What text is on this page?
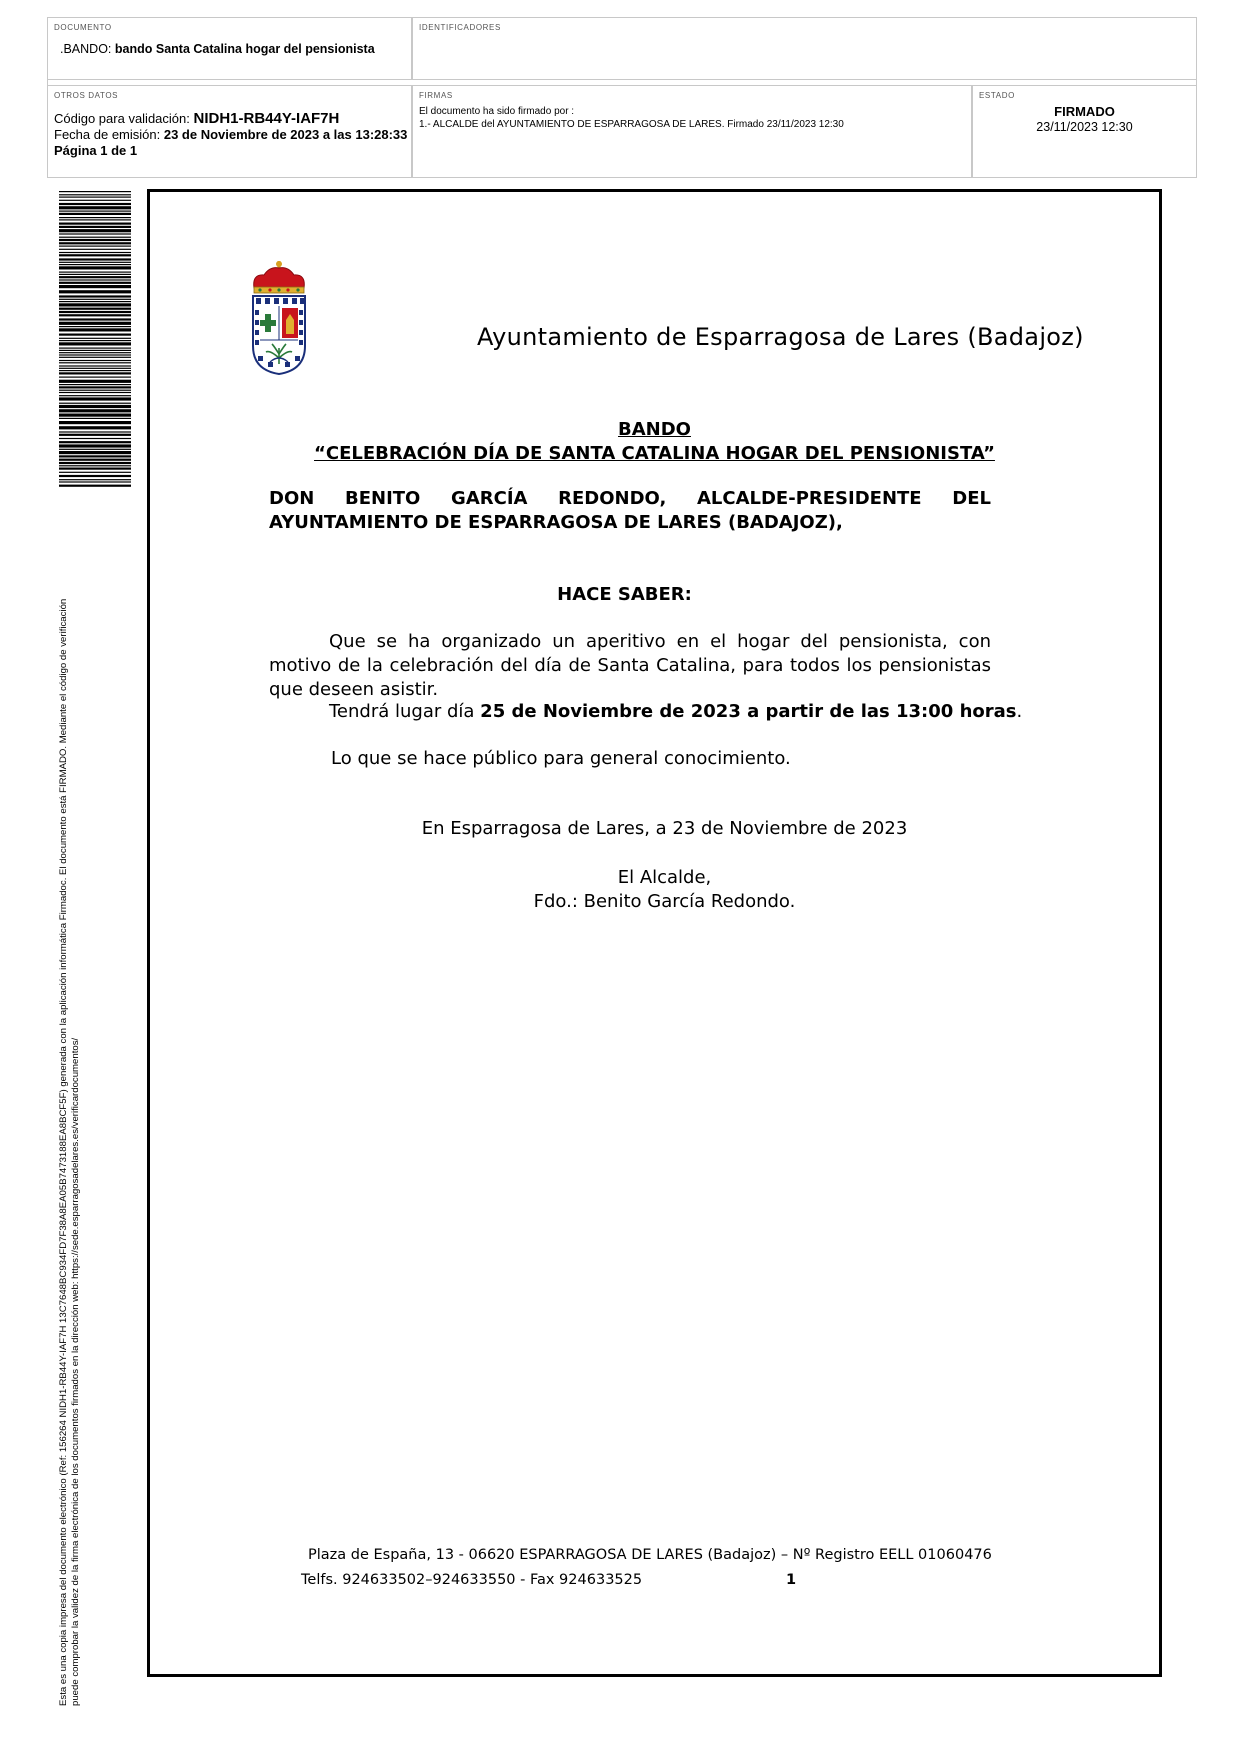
DOCUMENTO
.BANDO: bando Santa Catalina hogar del pensionista
IDENTIFICADORES
OTROS DATOS
Código para validación: NIDH1-RB44Y-IAF7H
Fecha de emisión: 23 de Noviembre de 2023 a las 13:28:33
Página 1 de 1
FIRMAS
El documento ha sido firmado por :
1.- ALCALDE del AYUNTAMIENTO DE ESPARRAGOSA DE LARES. Firmado 23/11/2023 12:30
ESTADO
FIRMADO
23/11/2023 12:30
Esta es una copia impresa del documento electrónico (Ref: 156264 NIDH1-RB44Y-IAF7H 13C7648BC934FD7F38A8EA05B7473188EA8BCF5F) generada con la aplicación informática Firmadoc. El documento está FIRMADO. Mediante el código de verificación puede comprobar la validez de la firma electrónica de los documentos firmados en la dirección web: https://sede.esparragosadelares.es/verificardocumentos/
Ayuntamiento de Esparragosa de Lares (Badajoz)
BANDO
“CELEBRACIÓN DÍA DE SANTA CATALINA HOGAR DEL PENSIONISTA”
DON BENITO GARCÍA REDONDO, ALCALDE-PRESIDENTE DEL
AYUNTAMIENTO DE ESPARRAGOSA DE LARES (BADAJOZ),
HACE SABER:
Que se ha organizado un aperitivo en el hogar del pensionista, con motivo de la celebración del día de Santa Catalina, para todos los pensionistas que deseen asistir.
Tendrá lugar día 25 de Noviembre de 2023 a partir de las 13:00 horas.
Lo que se hace público para general conocimiento.
En Esparragosa de Lares, a 23 de Noviembre de 2023
El Alcalde,
Fdo.: Benito García Redondo.
Plaza de España, 13 - 06620 ESPARRAGOSA DE LARES (Badajoz) – Nº Registro EELL 01060476
Telfs. 924633502–924633550 - Fax 924633525	1
